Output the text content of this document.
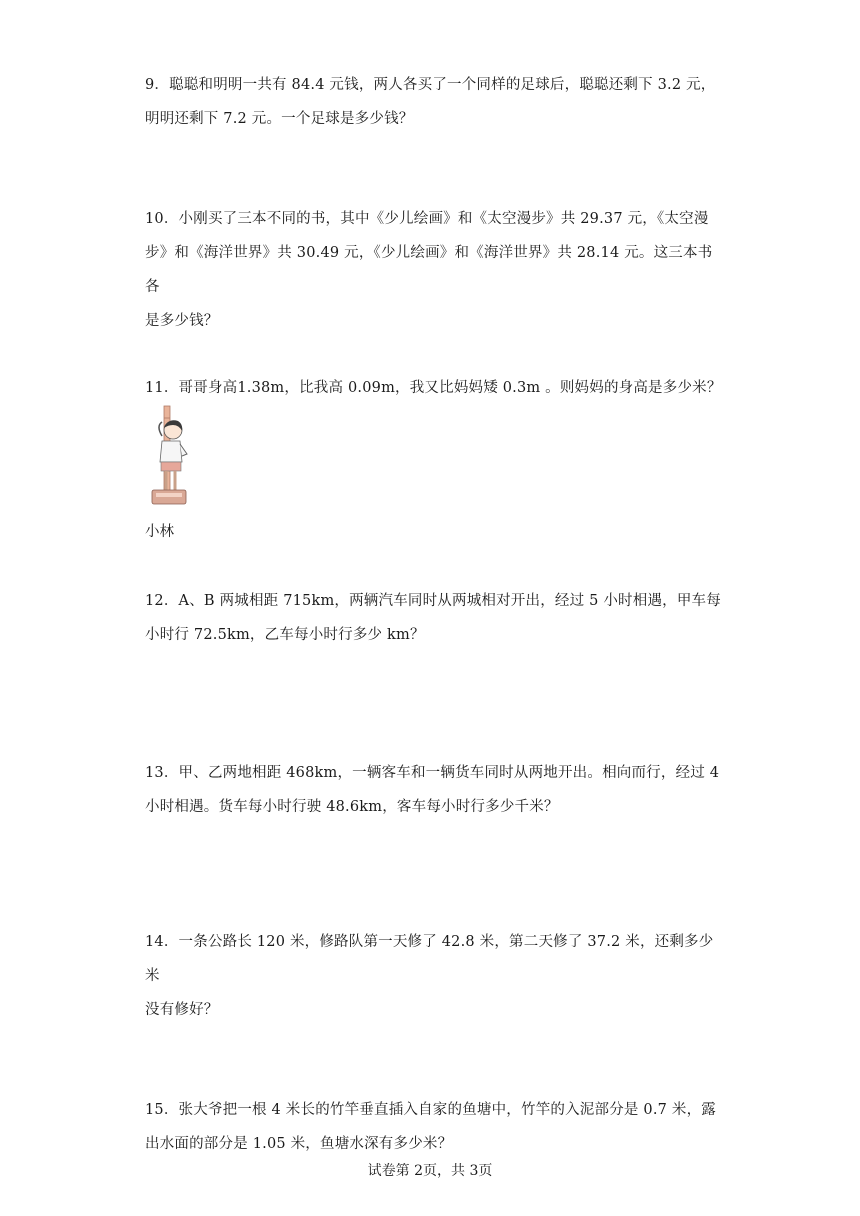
9．聪聪和明明一共有 84.4 元钱，两人各买了一个同样的足球后，聪聪还剩下 3.2 元，

明明还剩下 7.2 元。一个足球是多少钱？

10．小刚买了三本不同的书，其中《少儿绘画》和《太空漫步》共 29.37 元，《太空漫

步》和《海洋世界》共 30.49 元，《少儿绘画》和《海洋世界》共 28.14 元。这三本书各

是多少钱？

11．哥哥身高1.38m，比我高 0.09m，我又比妈妈矮 0.3m 。则妈妈的身高是多少米？

小林

12．A、B 两城相距 715km，两辆汽车同时从两城相对开出，经过 5 小时相遇，甲车每

小时行 72.5km，乙车每小时行多少 km？

13．甲、乙两地相距 468km，一辆客车和一辆货车同时从两地开出。相向而行，经过 4

小时相遇。货车每小时行驶 48.6km，客车每小时行多少千米？

14．一条公路长 120 米，修路队第一天修了 42.8 米，第二天修了 37.2 米，还剩多少米

没有修好？

15．张大爷把一根 4 米长的竹竿垂直插入自家的鱼塘中，竹竿的入泥部分是 0.7 米，露

出水面的部分是 1.05 米，鱼塘水深有多少米？

试卷第 2页，共 3页
